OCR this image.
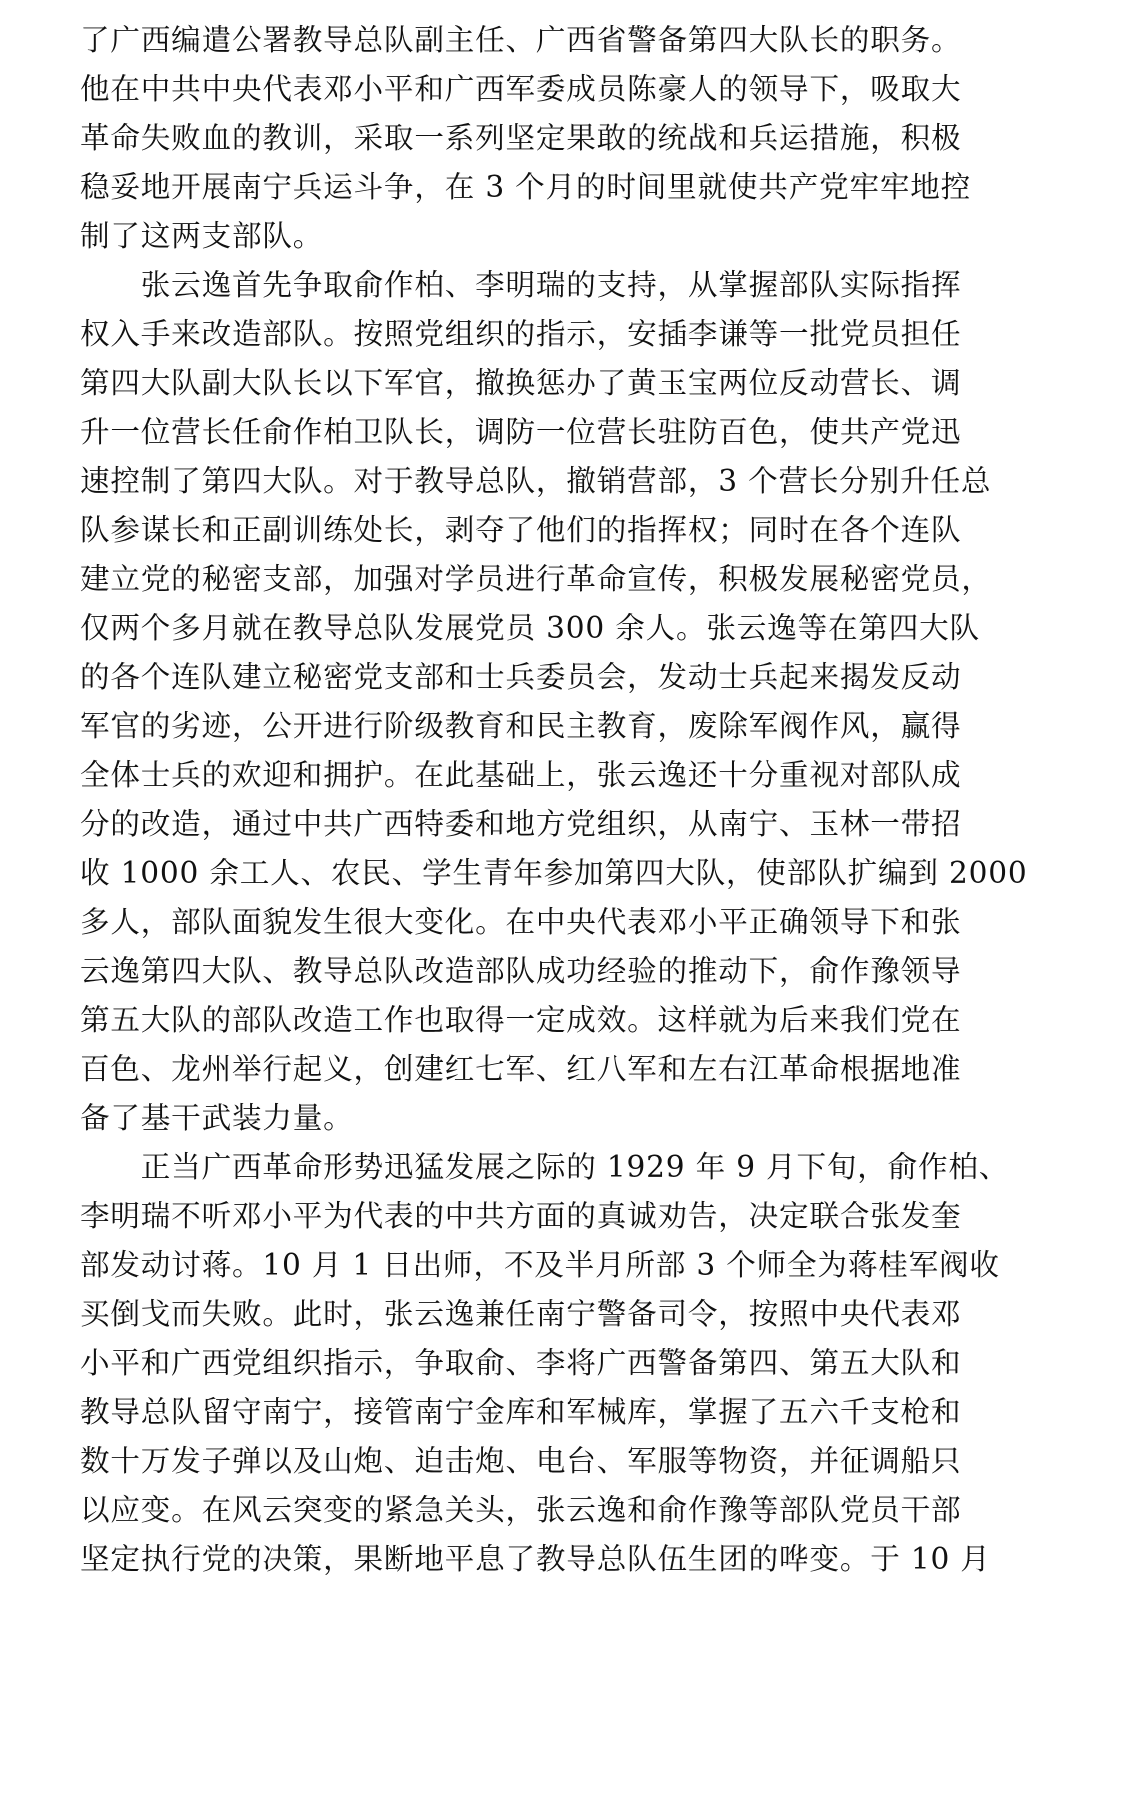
了广西编遣公署教导总队副主任、广西省警备第四大队长的职务。
他在中共中央代表邓小平和广西军委成员陈豪人的领导下，吸取大
革命失败血的教训，采取一系列坚定果敢的统战和兵运措施，积极
稳妥地开展南宁兵运斗争，在 3 个月的时间里就使共产党牢牢地控
制了这两支部队。
　　张云逸首先争取俞作柏、李明瑞的支持，从掌握部队实际指挥
权入手来改造部队。按照党组织的指示，安插李谦等一批党员担任
第四大队副大队长以下军官，撤换惩办了黄玉宝两位反动营长、调
升一位营长任俞作柏卫队长，调防一位营长驻防百色，使共产党迅
速控制了第四大队。对于教导总队，撤销营部，3 个营长分别升任总
队参谋长和正副训练处长，剥夺了他们的指挥权；同时在各个连队
建立党的秘密支部，加强对学员进行革命宣传，积极发展秘密党员，
仅两个多月就在教导总队发展党员 300 余人。张云逸等在第四大队
的各个连队建立秘密党支部和士兵委员会，发动士兵起来揭发反动
军官的劣迹，公开进行阶级教育和民主教育，废除军阀作风，赢得
全体士兵的欢迎和拥护。在此基础上，张云逸还十分重视对部队成
分的改造，通过中共广西特委和地方党组织，从南宁、玉林一带招
收 1000 余工人、农民、学生青年参加第四大队，使部队扩编到 2000
多人，部队面貌发生很大变化。在中央代表邓小平正确领导下和张
云逸第四大队、教导总队改造部队成功经验的推动下，俞作豫领导
第五大队的部队改造工作也取得一定成效。这样就为后来我们党在
百色、龙州举行起义，创建红七军、红八军和左右江革命根据地准
备了基干武装力量。
　　正当广西革命形势迅猛发展之际的 1929 年 9 月下旬，俞作柏、
李明瑞不听邓小平为代表的中共方面的真诚劝告，决定联合张发奎
部发动讨蒋。10 月 1 日出师，不及半月所部 3 个师全为蒋桂军阀收
买倒戈而失败。此时，张云逸兼任南宁警备司令，按照中央代表邓
小平和广西党组织指示，争取俞、李将广西警备第四、第五大队和
教导总队留守南宁，接管南宁金库和军械库，掌握了五六千支枪和
数十万发子弹以及山炮、迫击炮、电台、军服等物资，并征调船只
以应变。在风云突变的紧急关头，张云逸和俞作豫等部队党员干部
坚定执行党的决策，果断地平息了教导总队伍生团的哗变。于 10 月
